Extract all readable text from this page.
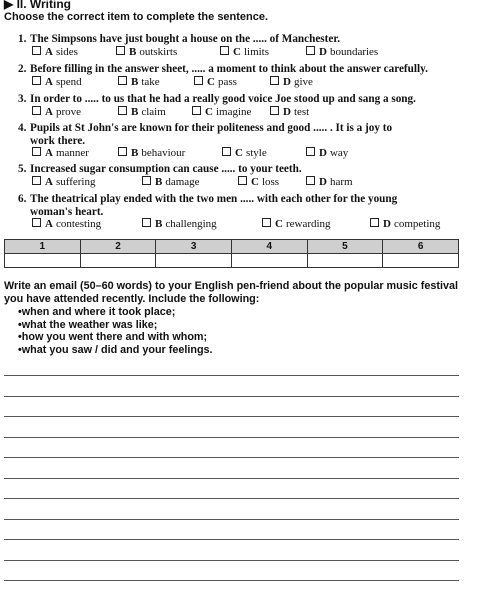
▶ II. Writing
Choose the correct item to complete the sentence.
1. The Simpsons have just bought a house on the ..... of Manchester.
A sides	B outskirts	C limits	D boundaries
2. Before filling in the answer sheet, ..... a moment to think about the answer carefully.
A spend	B take	C pass	D give
3. In order to ..... to us that he had a really good voice Joe stood up and sang a song.
A prove	B claim	C imagine	D test
4. Pupils at St John's are known for their politeness and good ..... . It is a joy to
work there.
A manner	B behaviour	C style	D way
5. Increased sugar consumption can cause ..... to your teeth.
A suffering	B damage	C loss	D harm
6. The theatrical play ended with the two men ..... with each other for the young
woman's heart.
A contesting	B challenging	C rewarding	D competing
1	2	3	4	5	6

Write an email (50–60 words) to your English pen-friend about the popular music festival you have attended recently. Include the following:
• when and where it took place;
• what the weather was like;
• how you went there and with whom;
• what you saw / did and your feelings.
